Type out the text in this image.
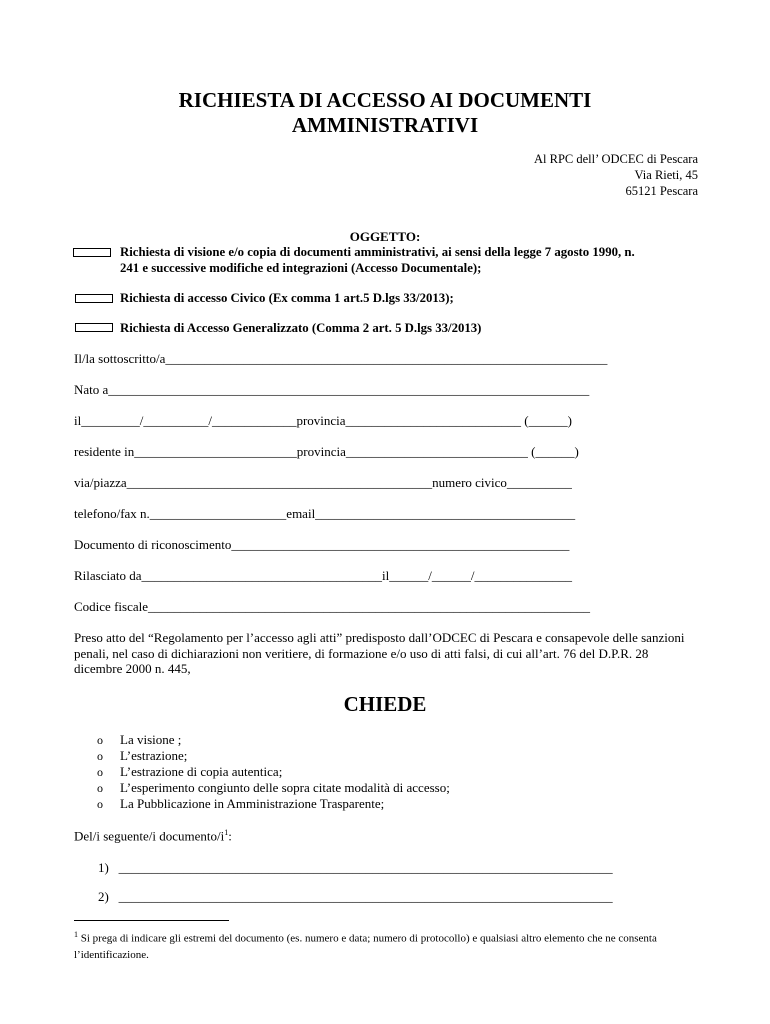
RICHIESTA DI ACCESSO AI DOCUMENTI
AMMINISTRATIVI
Al RPC dell’ ODCEC di Pescara
Via Rieti, 45
65121 Pescara
OGGETTO:
Richiesta di visione e/o copia di documenti amministrativi, ai sensi della legge 7 agosto 1990, n.
241 e successive modifiche ed integrazioni (Accesso Documentale);
Richiesta di accesso Civico (Ex comma 1 art.5 D.lgs 33/2013);
Richiesta di Accesso Generalizzato (Comma 2 art. 5 D.lgs 33/2013)
Il/la sottoscritto/a____________________________________________________________________
Nato a__________________________________________________________________________
il_________/__________/_____________provincia___________________________ (______)
residente in_________________________provincia____________________________ (______)
via/piazza_______________________________________________numero civico__________
telefono/fax n._____________________email________________________________________
Documento di riconoscimento____________________________________________________
Rilasciato da_____________________________________il______/______/_______________
Codice fiscale____________________________________________________________________
Preso atto del “Regolamento per l’accesso agli atti” predisposto dall’ODCEC di Pescara e consapevole delle sanzioni penali, nel caso di dichiarazioni non veritiere, di formazione e/o uso di atti falsi, di cui all’art. 76 del D.P.R. 28 dicembre 2000 n. 445,
CHIEDE
o La visione ;
o L’estrazione;
o L’estrazione di copia autentica;
o L’esperimento congiunto delle sopra citate modalità di accesso;
o La Pubblicazione in Amministrazione Trasparente;
Del/i seguente/i documento/$i^1$:
1) ____________________________________________________________________________
2) ____________________________________________________________________________
$^1$ Si prega di indicare gli estremi del documento (es. numero e data; numero di protocollo) e qualsiasi altro elemento che ne consenta l’identificazione.
